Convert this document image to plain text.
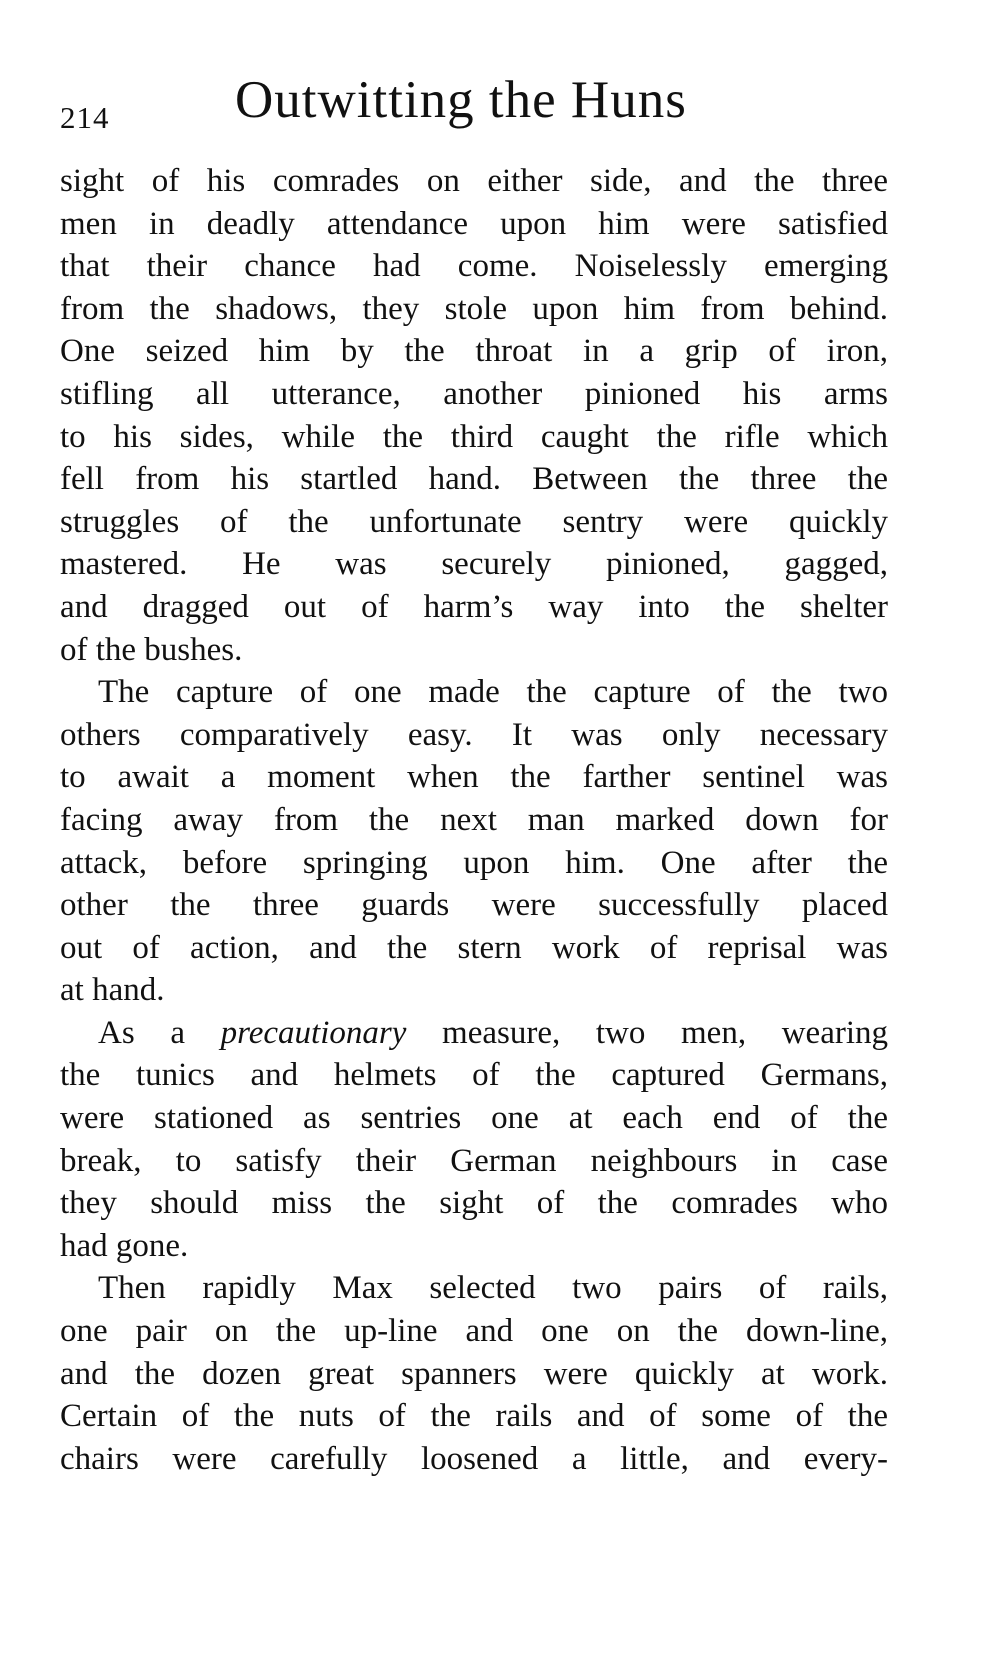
214 Outwitting the Huns
sight of his comrades on either side, and the three
men in deadly attendance upon him were satisfied
that their chance had come. Noiselessly emerging
from the shadows, they stole upon him from behind.
One seized him by the throat in a grip of iron,
stifling all utterance, another pinioned his arms
to his sides, while the third caught the rifle which
fell from his startled hand. Between the three the
struggles of the unfortunate sentry were quickly
mastered. He was securely pinioned, gagged,
and dragged out of harm’s way into the shelter
of the bushes.
The capture of one made the capture of the two
others comparatively easy. It was only necessary
to await a moment when the farther sentinel was
facing away from the next man marked down for
attack, before springing upon him. One after the
other the three guards were successfully placed
out of action, and the stern work of reprisal was
at hand.
As a precautionary measure, two men, wearing
the tunics and helmets of the captured Germans,
were stationed as sentries one at each end of the
break, to satisfy their German neighbours in case
they should miss the sight of the comrades who
had gone.
Then rapidly Max selected two pairs of rails,
one pair on the up-line and one on the down-line,
and the dozen great spanners were quickly at work.
Certain of the nuts of the rails and of some of the
chairs were carefully loosened a little, and every-
